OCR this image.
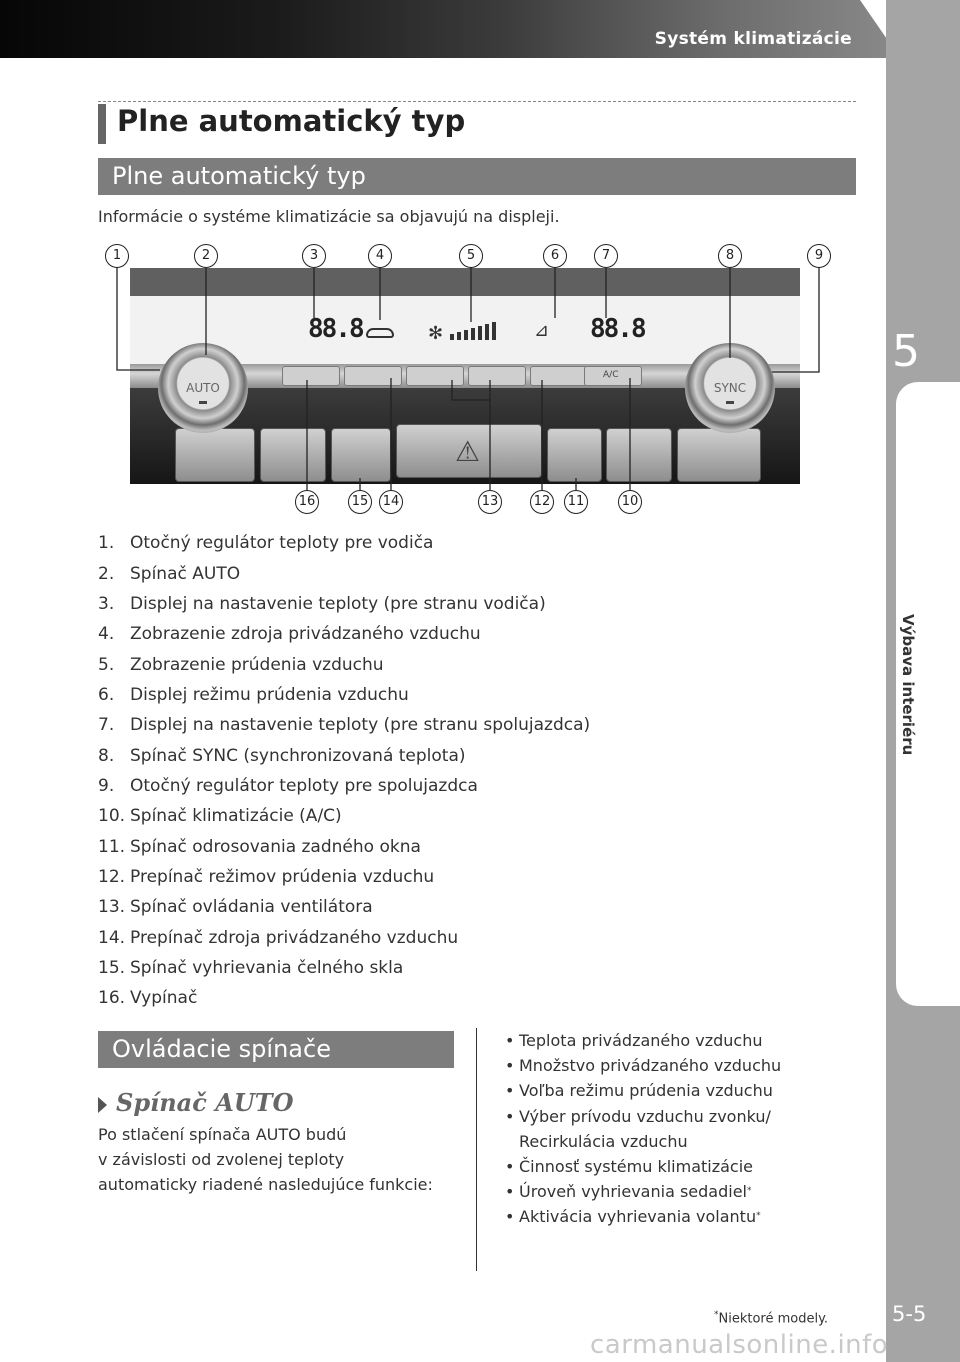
Systém klimatizácie
5
Výbava interiéru
5-5
Plne automatický typ
Plne automatický typ
Informácie o systéme klimatizácie sa objavujú na displeji.
88.8	88.8
✻	⊿
A/C
⚠
AUTO	SYNC
1	2	3	4	5	6	7	8	9
16	15 14	13	12 11	10
1. Otočný regulátor teploty pre vodiča
2. Spínač AUTO
3. Displej na nastavenie teploty (pre stranu vodiča)
4. Zobrazenie zdroja privádzaného vzduchu
5. Zobrazenie prúdenia vzduchu
6. Displej režimu prúdenia vzduchu
7. Displej na nastavenie teploty (pre stranu spolujazdca)
8. Spínač SYNC (synchronizovaná teplota)
9. Otočný regulátor teploty pre spolujazdca
10. Spínač klimatizácie (A/C)
11. Spínač odrosovania zadného okna
12. Prepínač režimov prúdenia vzduchu
13. Spínač ovládania ventilátora
14. Prepínač zdroja privádzaného vzduchu
15. Spínač vyhrievania čelného skla
16. Vypínač
Ovládacie spínače
Spínač AUTO
Po stlačení spínača AUTO budú
v závislosti od zvolenej teploty
automaticky riadené nasledujúce funkcie:
• Teplota privádzaného vzduchu
• Množstvo privádzaného vzduchu
• Voľba režimu prúdenia vzduchu
• Výber prívodu vzduchu zvonku/
Recirkulácia vzduchu
• Činnosť systému klimatizácie
• Úroveň vyhrievania sedadiel *
• Aktivácia vyhrievania volantu *
*Niektoré modely.
carmanualsonline.info
